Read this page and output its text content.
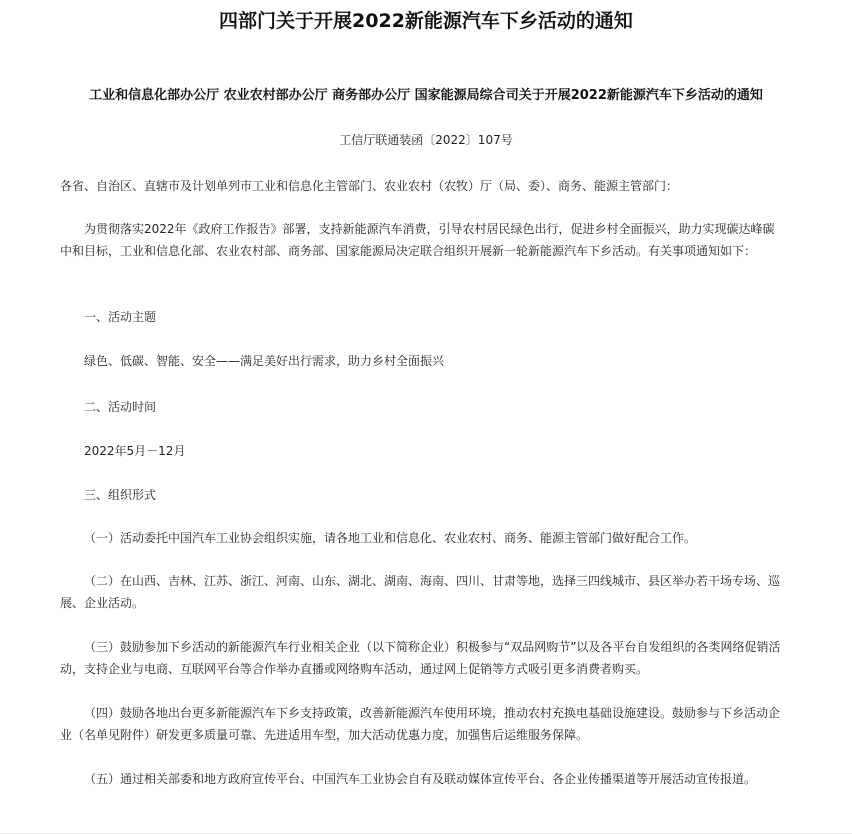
四部门关于开展2022新能源汽车下乡活动的通知
工业和信息化部办公厅 农业农村部办公厅 商务部办公厅 国家能源局综合司关于开展2022新能源汽车下乡活动的通知
工信厅联通装函〔2022〕107号
各省、自治区、直辖市及计划单列市工业和信息化主管部门、农业农村（农牧）厅（局、委）、商务、能源主管部门：
为贯彻落实2022年《政府工作报告》部署，支持新能源汽车消费，引导农村居民绿色出行，促进乡村全面振兴，助力实现碳达峰碳中和目标，工业和信息化部、农业农村部、商务部、国家能源局决定联合组织开展新一轮新能源汽车下乡活动。有关事项通知如下：
一、活动主题
绿色、低碳、智能、安全——满足美好出行需求，助力乡村全面振兴
二、活动时间
2022年5月－12月
三、组织形式
（一）活动委托中国汽车工业协会组织实施，请各地工业和信息化、农业农村、商务、能源主管部门做好配合工作。
（二）在山西、吉林、江苏、浙江、河南、山东、湖北、湖南、海南、四川、甘肃等地，选择三四线城市、县区举办若干场专场、巡展、企业活动。
（三）鼓励参加下乡活动的新能源汽车行业相关企业（以下简称企业）积极参与“双品网购节”以及各平台自发组织的各类网络促销活动，支持企业与电商、互联网平台等合作举办直播或网络购车活动，通过网上促销等方式吸引更多消费者购买。
（四）鼓励各地出台更多新能源汽车下乡支持政策，改善新能源汽车使用环境，推动农村充换电基础设施建设。鼓励参与下乡活动企业（名单见附件）研发更多质量可靠、先进适用车型，加大活动优惠力度，加强售后运维服务保障。
（五）通过相关部委和地方政府宣传平台、中国汽车工业协会自有及联动媒体宣传平台、各企业传播渠道等开展活动宣传报道。
